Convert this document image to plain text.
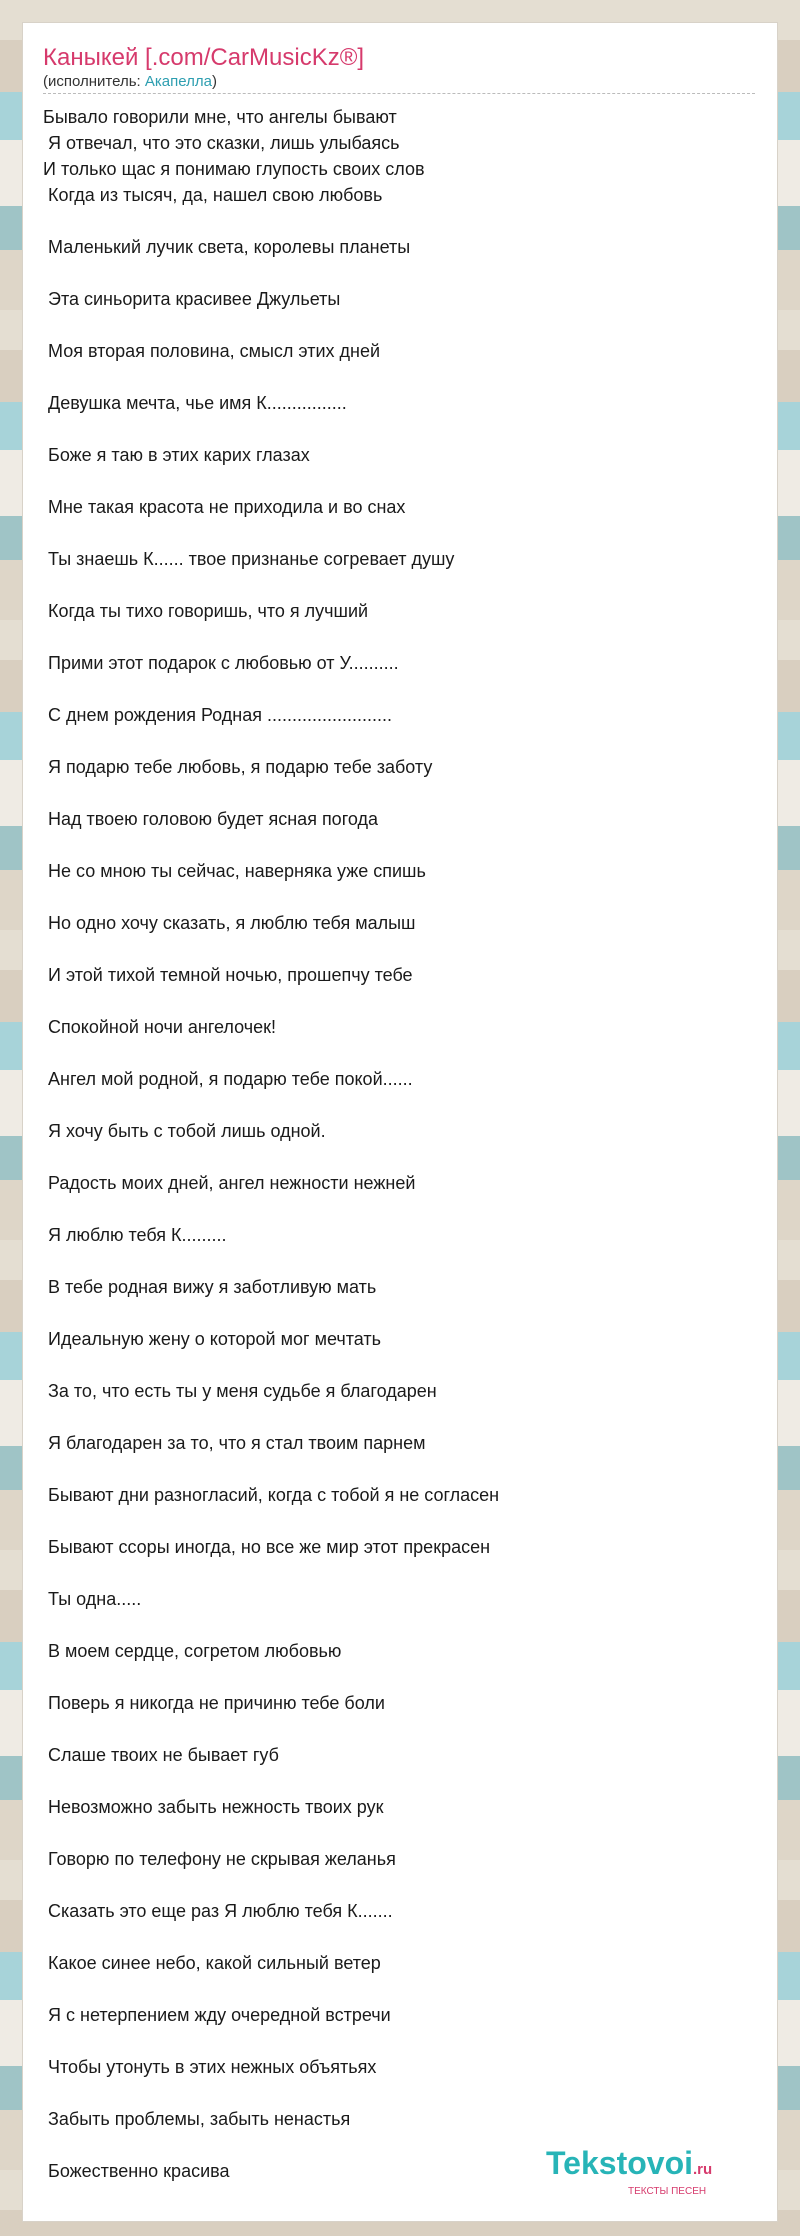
Каныкей [.com/CarMusicKz®]
(исполнитель: Акапелла)
Бывало говорили мне, что ангелы бывают
Я отвечал, что это сказки, лишь улыбаясь
И только щас я понимаю глупость своих слов
Когда из тысяч, да, нашел свою любовь
Маленький лучик света, королевы планеты
Эта синьорита красивее Джульеты
Моя вторая половина, смысл этих дней
Девушка мечта, чье имя К................
Боже я таю в этих карих глазах
Мне такая красота не приходила и во снах
Ты знаешь К...... твое признанье согревает душу
Когда ты тихо говоришь, что я лучший
Прими этот подарок с любовью от У..........
С днем рождения Родная .........................
Я подарю тебе любовь, я подарю тебе заботу
Над твоею головою будет ясная погода
Не со мною ты сейчас, наверняка уже спишь
Но одно хочу сказать, я люблю тебя малыш
И этой тихой темной ночью, прошепчу тебе
Спокойной ночи ангелочек!
Ангел мой родной, я подарю тебе покой......
Я хочу быть с тобой лишь одной.
Радость моих дней, ангел нежности нежней
Я люблю тебя К.........
В тебе родная вижу я заботливую мать
Идеальную жену о которой мог мечтать
За то, что есть ты у меня судьбе я благодарен
Я благодарен за то, что я стал твоим парнем
Бывают дни разногласий, когда с тобой я не согласен
Бывают ссоры иногда, но все же мир этот прекрасен
Ты одна.....
В моем сердце, согретом любовью
Поверь я никогда не причиню тебе боли
Слаше твоих не бывает губ
Невозможно забыть нежность твоих рук
Говорю по телефону не скрывая желанья
Сказать это еще раз Я люблю тебя К.......
Какое синее небо, какой сильный ветер
Я с нетерпением жду очередной встречи
Чтобы утонуть в этих нежных объятьях
Забыть проблемы, забыть ненастья
Божественно красива	Tekstovoi.ru
ТЕКСТЫ ПЕСЕН
